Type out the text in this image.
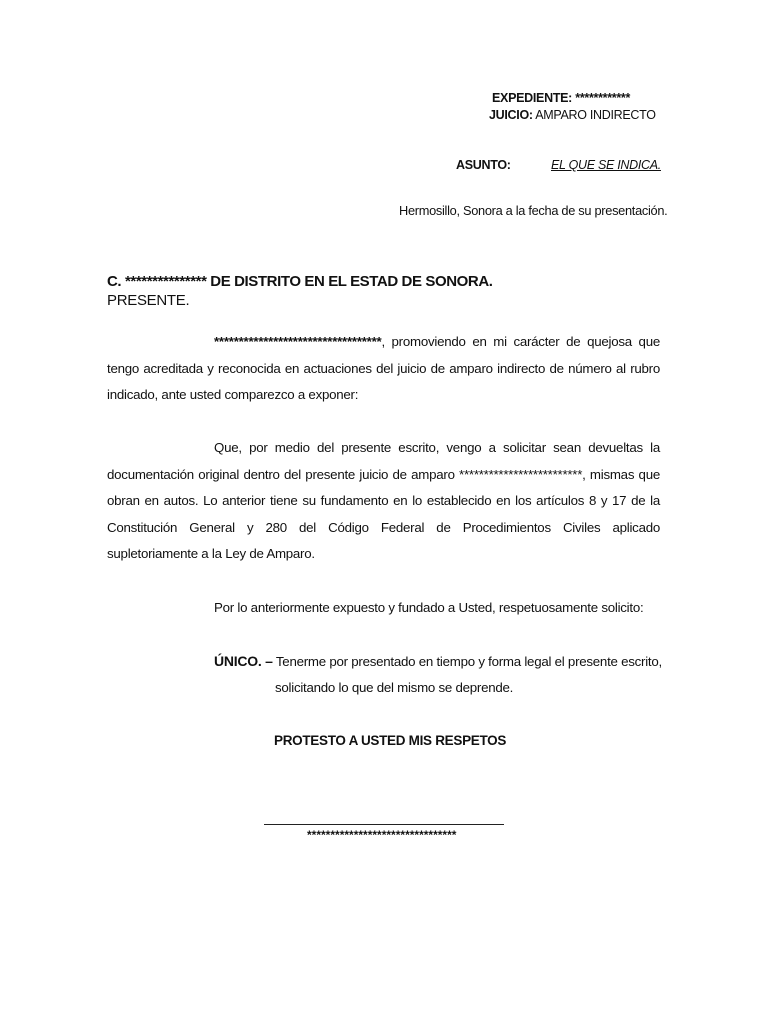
EXPEDIENTE: ************
JUICIO: AMPARO INDIRECTO
ASUNTO:	EL QUE SE INDICA.
Hermosillo, Sonora a la fecha de su presentación.
C. *************** DE DISTRITO EN EL ESTAD DE SONORA.
PRESENTE.
**********************************, promoviendo en mi carácter de quejosa que tengo acreditada y reconocida en actuaciones del juicio de amparo indirecto de número al rubro indicado, ante usted comparezco a exponer:
Que, por medio del presente escrito, vengo a solicitar sean devueltas la documentación original dentro del presente juicio de amparo *************************, mismas que obran en autos. Lo anterior tiene su fundamento en lo establecido en los artículos 8 y 17 de la Constitución General y 280 del Código Federal de Procedimientos Civiles aplicado supletoriamente a la Ley de Amparo.
Por lo anteriormente expuesto y fundado a Usted, respetuosamente solicito:
ÚNICO. – Tenerme por presentado en tiempo y forma legal el presente escrito,
solicitando lo que del mismo se deprende.
PROTESTO A USTED MIS RESPETOS
********************************
